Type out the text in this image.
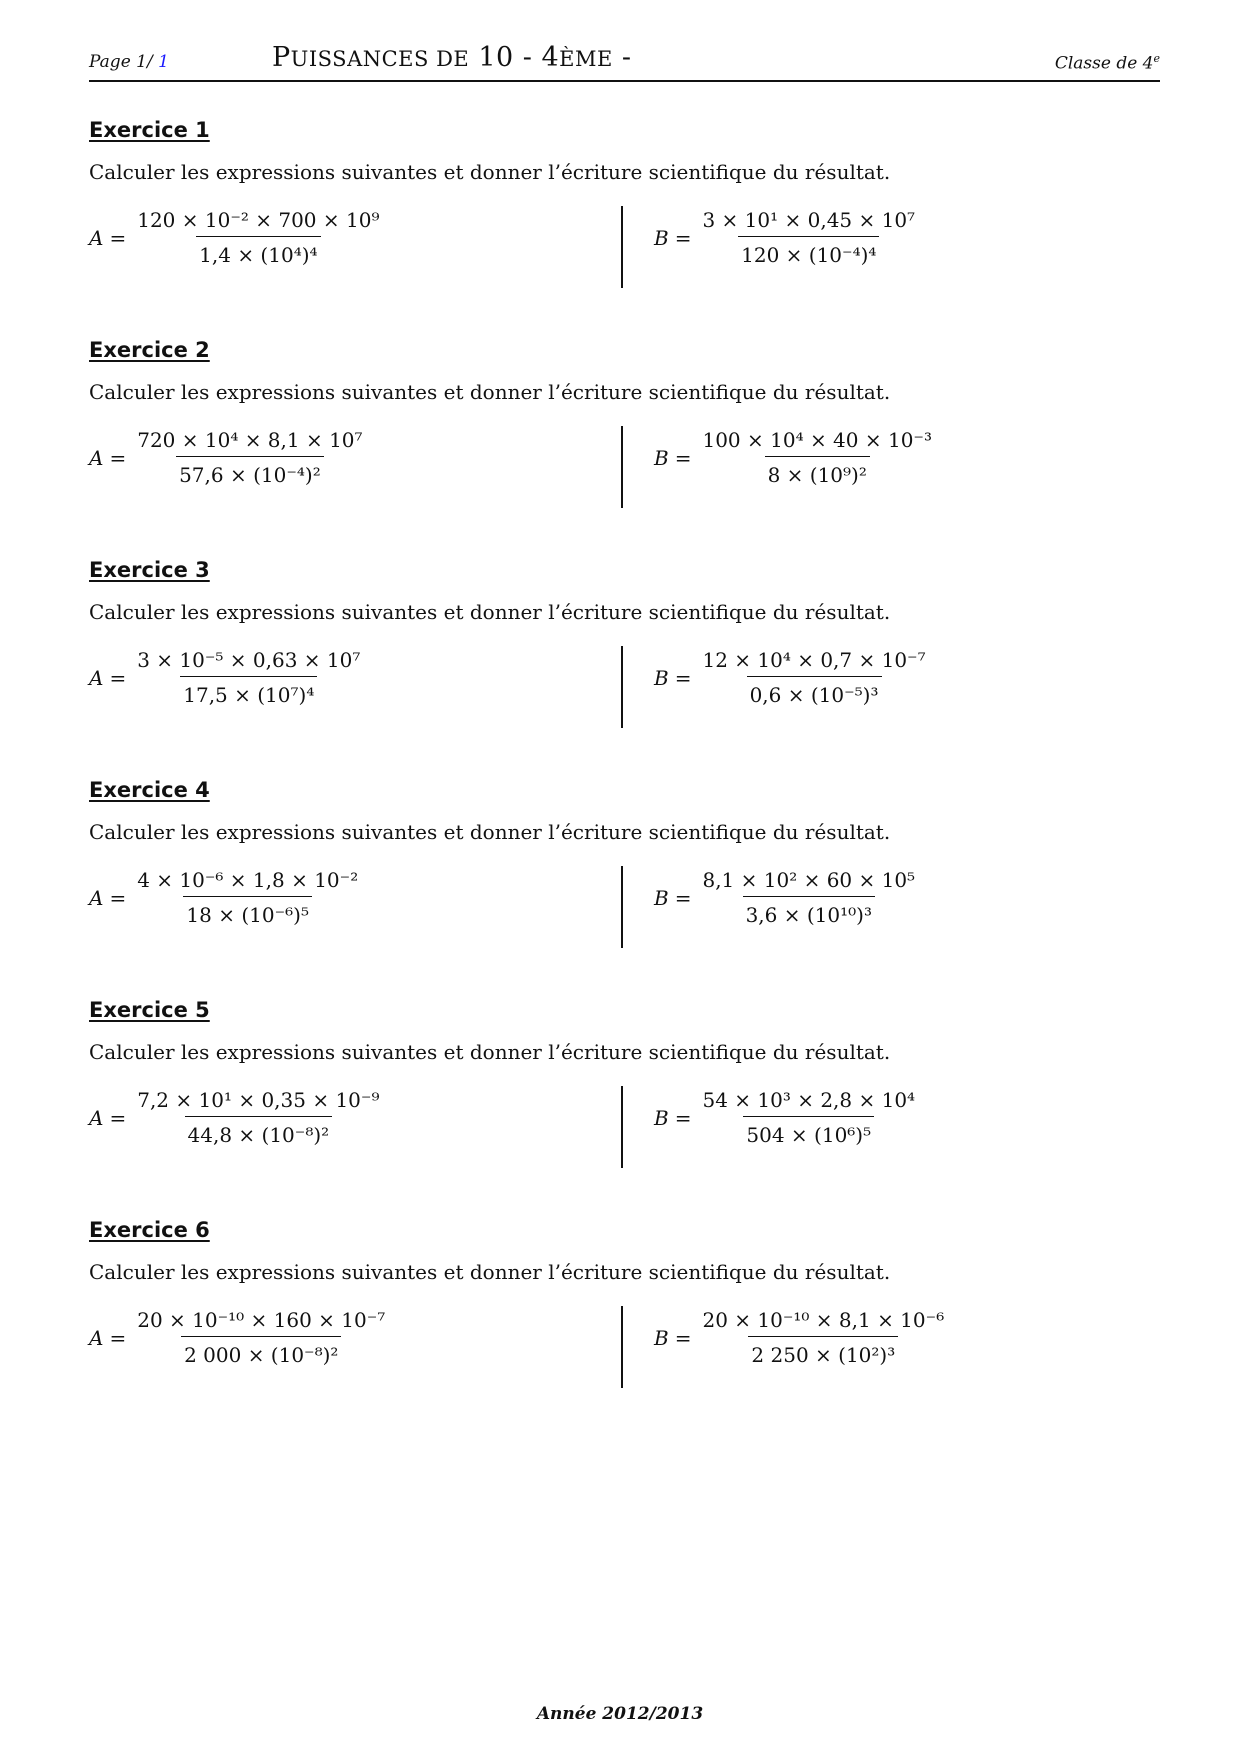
Page 1/ 1	PUISSANCES DE 10 - 4ÈME -	Classe de 4e
Exercice 1
Calculer les expressions suivantes et donner l’écriture scientifique du résultat.
$A = \frac{\text{120 × 10⁻² × 700 × 10⁹}}{\text{1,4 × (10⁴)⁴}}$	$B = \frac{\text{3 × 10¹ × 0,45 × 10⁷}}{\text{120 × (10⁻⁴)⁴}}$
Exercice 2
Calculer les expressions suivantes et donner l’écriture scientifique du résultat.
$A = \frac{\text{720 × 10⁴ × 8,1 × 10⁷}}{\text{57,6 × (10⁻⁴)²}}$	$B = \frac{\text{100 × 10⁴ × 40 × 10⁻³}}{\text{8 × (10⁹)²}}$
Exercice 3
Calculer les expressions suivantes et donner l’écriture scientifique du résultat.
$A = \frac{\text{3 × 10⁻⁵ × 0,63 × 10⁷}}{\text{17,5 × (10⁷)⁴}}$	$B = \frac{\text{12 × 10⁴ × 0,7 × 10⁻⁷}}{\text{0,6 × (10⁻⁵)³}}$
Exercice 4
Calculer les expressions suivantes et donner l’écriture scientifique du résultat.
$A = \frac{\text{4 × 10⁻⁶ × 1,8 × 10⁻²}}{\text{18 × (10⁻⁶)⁵}}$	$B = \frac{\text{8,1 × 10² × 60 × 10⁵}}{\text{3,6 × (10¹⁰)³}}$
Exercice 5
Calculer les expressions suivantes et donner l’écriture scientifique du résultat.
$A = \frac{\text{7,2 × 10¹ × 0,35 × 10⁻⁹}}{\text{44,8 × (10⁻⁸)²}}$	$B = \frac{\text{54 × 10³ × 2,8 × 10⁴}}{\text{504 × (10⁶)⁵}}$
Exercice 6
Calculer les expressions suivantes et donner l’écriture scientifique du résultat.
$A = \frac{\text{20 × 10⁻¹⁰ × 160 × 10⁻⁷}}{\text{2 000 × (10⁻⁸)²}}$	$B = \frac{\text{20 × 10⁻¹⁰ × 8,1 × 10⁻⁶}}{\text{2 250 × (10²)³}}$
Année 2012/2013
